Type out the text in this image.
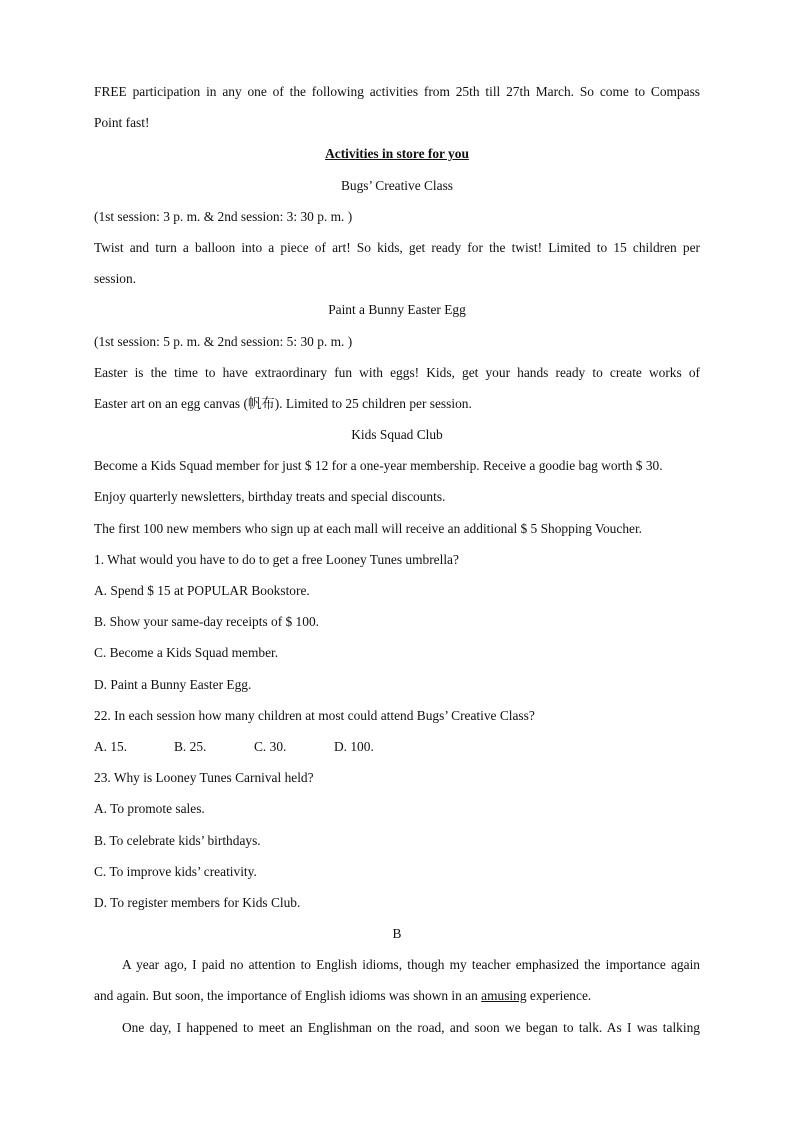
FREE participation in any one of the following activities from 25th till 27th March. So come to Compass
Point fast!
Activities in store for you
Bugs’ Creative Class
(1st session: 3 p. m. & 2nd session: 3: 30 p. m. )
Twist and turn a balloon into a piece of art! So kids, get ready for the twist! Limited to 15 children per
session.
Paint a Bunny Easter Egg
(1st session: 5 p. m. & 2nd session: 5: 30 p. m. )
Easter is the time to have extraordinary fun with eggs! Kids, get your hands ready to create works of
Easter art on an egg canvas (帆布). Limited to 25 children per session.
Kids Squad Club
Become a Kids Squad member for just $ 12 for a one-year membership. Receive a goodie bag worth $ 30.
Enjoy quarterly newsletters, birthday treats and special discounts.
The first 100 new members who sign up at each mall will receive an additional $ 5 Shopping Voucher.
1. What would you have to do to get a free Looney Tunes umbrella?
A. Spend $ 15 at POPULAR Bookstore.
B. Show your same-day receipts of $ 100.
C. Become a Kids Squad member.
D. Paint a Bunny Easter Egg.
22. In each session how many children at most could attend Bugs’ Creative Class?
A. 15.	B. 25.	C. 30.	D. 100.
23. Why is Looney Tunes Carnival held?
A. To promote sales.
B. To celebrate kids’ birthdays.
C. To improve kids’ creativity.
D. To register members for Kids Club.
B
A year ago, I paid no attention to English idioms, though my teacher emphasized the importance again
and again. But soon, the importance of English idioms was shown in an amusing experience.
One day, I happened to meet an Englishman on the road, and soon we began to talk. As I was talking
